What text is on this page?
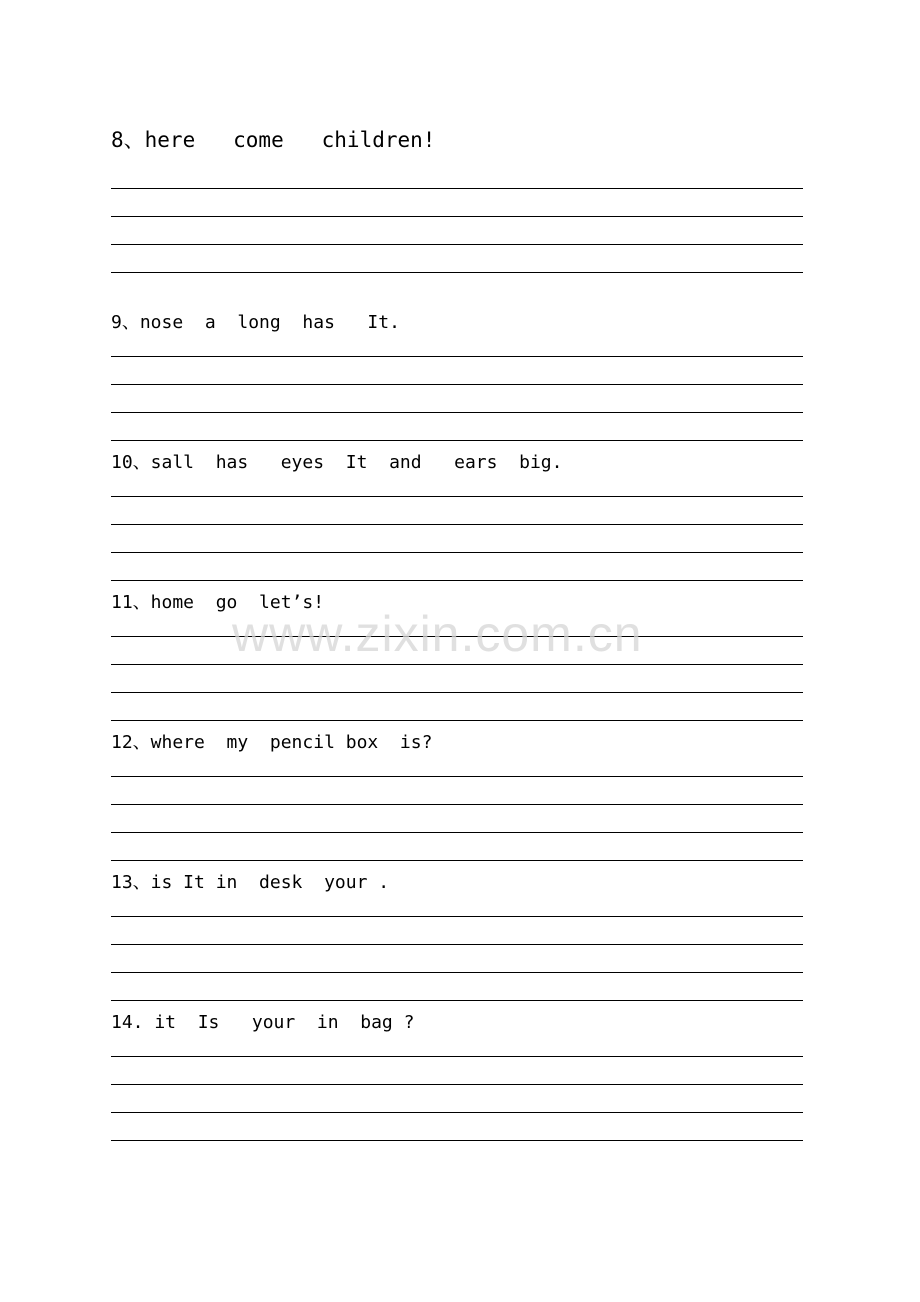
8、here   come   children!
9、nose  a  long  has   It.
10、sall  has   eyes  It  and   ears  big.
11、home  go  let’s!
12、where  my  pencil box  is?
13、is It in  desk  your .
14. it  Is   your  in  bag ?
www.zixin.com.cn
